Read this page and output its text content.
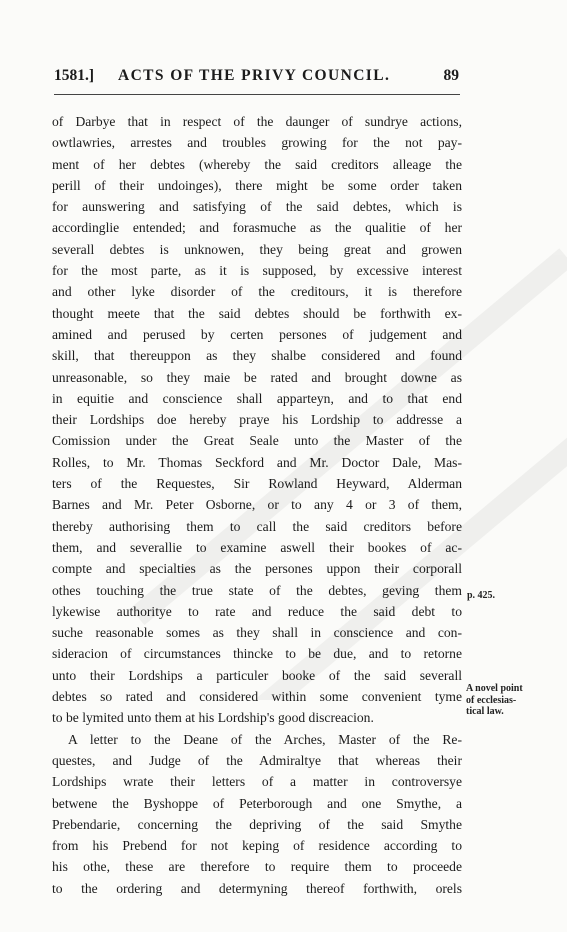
1581.] ACTS OF THE PRIVY COUNCIL.	89
of Darbye that in respect of the daunger of sundrye actions,
owtlawries, arrestes and troubles growing for the not pay-
ment of her debtes (whereby the said creditors alleage the
perill of their undoinges), there might be some order taken
for aunswering and satisfying of the said debtes, which is
accordinglie entended; and forasmuche as the qualitie of her
severall debtes is unknowen, they being great and growen
for the most parte, as it is supposed, by excessive interest
and other lyke disorder of the creditours, it is therefore
thought meete that the said debtes should be forthwith ex-
amined and perused by certen persones of judgement and
skill, that thereuppon as they shalbe considered and found
unreasonable, so they maie be rated and brought downe as
in equitie and conscience shall apparteyn, and to that end
their Lordships doe hereby praye his Lordship to addresse a
Comission under the Great Seale unto the Master of the
Rolles, to Mr. Thomas Seckford and Mr. Doctor Dale, Mas-
ters of the Requestes, Sir Rowland Heyward, Alderman
Barnes and Mr. Peter Osborne, or to any 4 or 3 of them,
thereby authorising them to call the said creditors before
them, and severallie to examine aswell their bookes of ac-
compte and specialties as the persones uppon their corporall
othes touching the true state of the debtes, geving them
lykewise authoritye to rate and reduce the said debt to
suche reasonable somes as they shall in conscience and con-
sideracion of circumstances thincke to be due, and to retorne
unto their Lordships a particuler booke of the said severall
debtes so rated and considered within some convenient tyme
to be lymited unto them at his Lordship's good discreacion.
A letter to the Deane of the Arches, Master of the Re-
questes, and Judge of the Admiraltye that whereas their
Lordships wrate their letters of a matter in controversye
betwene the Byshoppe of Peterborough and one Smythe, a
Prebendarie, concerning the depriving of the said Smythe
from his Prebend for not keping of residence according to
his othe, these are therefore to require them to proceede
to the ordering and determyning thereof forthwith, orels
p. 425.
A novel point
of ecclesias-
tical law.
